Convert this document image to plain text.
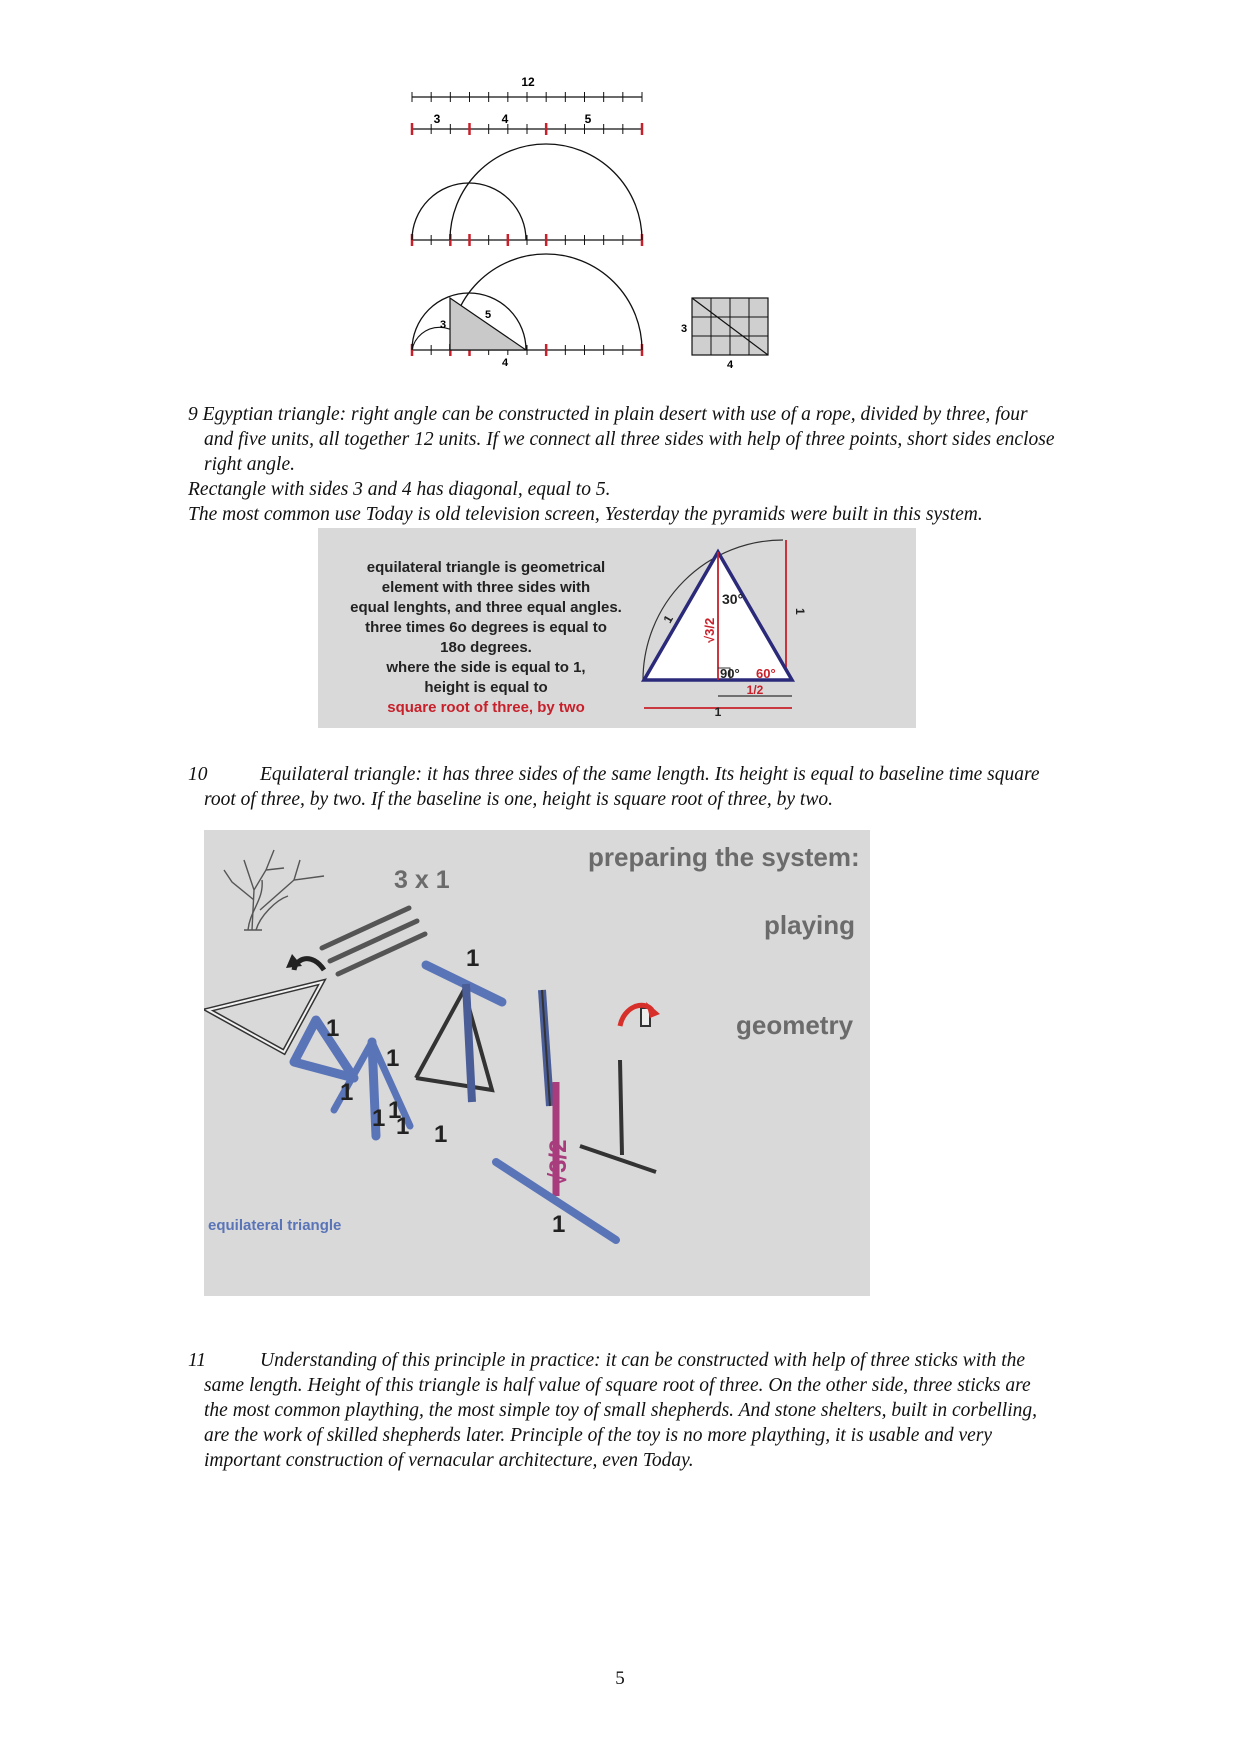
12
3	4	5
3
5
4
3
4

9 Egyptian triangle: right angle can be constructed in plain desert with use of a rope, divided by three, four and five units, all together 12 units. If we connect all three sides with help of three points, short sides enclose right angle.

Rectangle with sides 3 and 4 has diagonal, equal to 5.

The most common use Today is old television screen, Yesterday the pyramids were built in this system.

equilateral triangle is geometrical
element with three sides with
equal lenghts, and three equal angles.
three times 6o degrees is equal to
18o degrees.
where the side is equal to 1,
height is equal to
square root of three, by two
30°
90° 60°
√3/2
1/2
1
1
1

10	Equilateral triangle: it has three sides of the same length. Its height is equal to baseline time square root of three, by two. If the baseline is one, height is square root of three, by two.

√3/2
1
1
1
1
1
1 1 1
1
equilateral triangle
3 x 1
preparing the system:
playing
geometry

11	Understanding of this principle in practice: it can be constructed with help of three sticks with the same length. Height of this triangle is half value of square root of three. On the other side, three sticks are the most common plaything, the most simple toy of small shepherds. And stone shelters, built in corbelling, are the work of skilled shepherds later. Principle of the toy is no more plaything, it is usable and very important construction of vernacular architecture, even Today.

5
